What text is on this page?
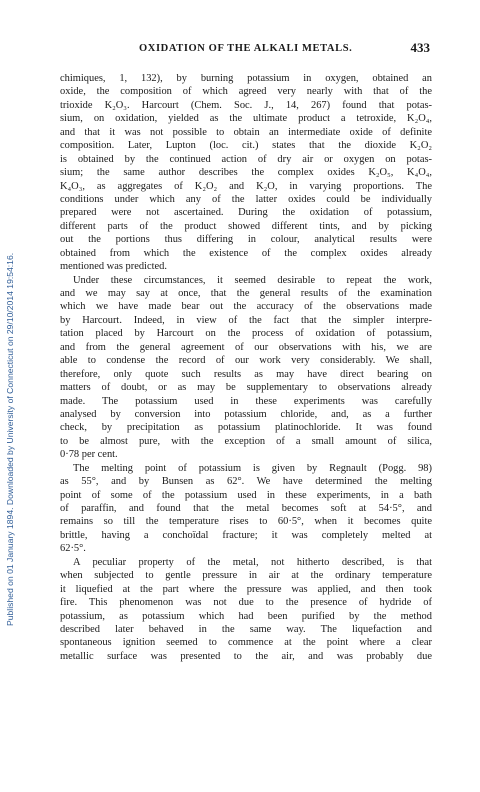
Published on 01 January 1894. Downloaded by University of Connecticut on 29/10/2014 19:54:16.
OXIDATION OF THE ALKALI METALS.	433
chimiques, 1, 132), by burning potassium in oxygen, obtained an
oxide, the composition of which agreed very nearly with that of the
trioxide K₂O₃. Harcourt (Chem. Soc. J., 14, 267) found that potas-
sium, on oxidation, yielded as the ultimate product a tetroxide, K₂O₄,
and that it was not possible to obtain an intermediate oxide of definite
composition. Later, Lupton (loc. cit.) states that the dioxide K₂O₂
is obtained by the continued action of dry air or oxygen on potas-
sium; the same author describes the complex oxides K₂O₅, K₄O₄,
K₄O₃, as aggregates of K₂O₂ and K₂O, in varying proportions. The
conditions under which any of the latter oxides could be individually
prepared were not ascertained. During the oxidation of potassium,
different parts of the product showed different tints, and by picking
out the portions thus differing in colour, analytical results were
obtained from which the existence of the complex oxides already
mentioned was predicted.
Under these circumstances, it seemed desirable to repeat the work,
and we may say at once, that the general results of the examination
which we have made bear out the accuracy of the observations made
by Harcourt. Indeed, in view of the fact that the simpler interpre-
tation placed by Harcourt on the process of oxidation of potassium,
and from the general agreement of our observations with his, we are
able to condense the record of our work very considerably. We shall,
therefore, only quote such results as may have direct bearing on
matters of doubt, or as may be supplementary to observations already
made. The potassium used in these experiments was carefully
analysed by conversion into potassium chloride, and, as a further
check, by precipitation as potassium platinochloride. It was found
to be almost pure, with the exception of a small amount of silica,
0·78 per cent.
The melting point of potassium is given by Regnault (Pogg. 98)
as 55°, and by Bunsen as 62°. We have determined the melting
point of some of the potassium used in these experiments, in a bath
of paraffin, and found that the metal becomes soft at 54·5°, and
remains so till the temperature rises to 60·5°, when it becomes quite
brittle, having a conchoïdal fracture; it was completely melted at
62·5°.
A peculiar property of the metal, not hitherto described, is that
when subjected to gentle pressure in air at the ordinary temperature
it liquefied at the part where the pressure was applied, and then took
fire. This phenomenon was not due to the presence of hydride of
potassium, as potassium which had been purified by the method
described later behaved in the same way. The liquefaction and
spontaneous ignition seemed to commence at the point where a clear
metallic surface was presented to the air, and was probably due
